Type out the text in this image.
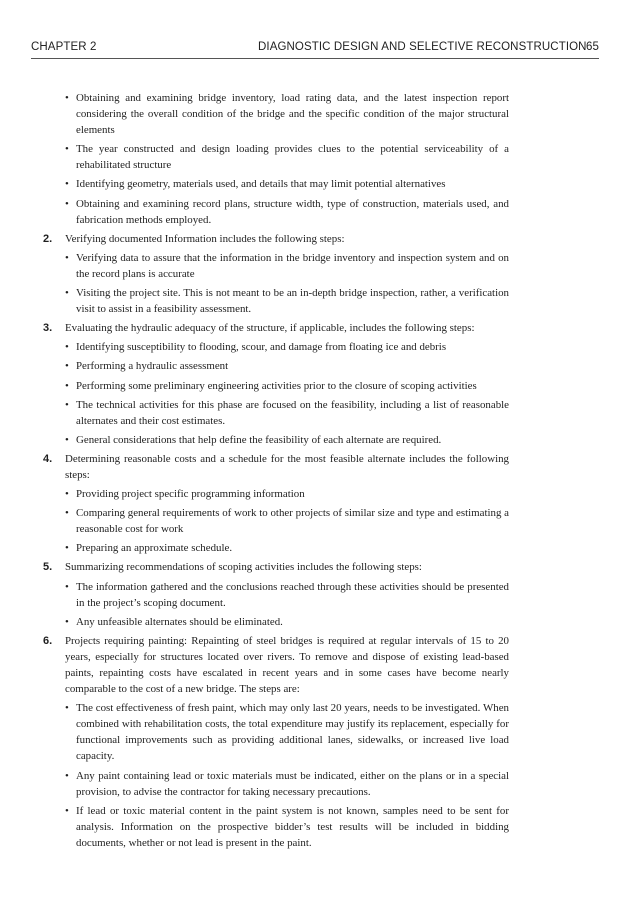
CHAPTER 2	DIAGNOSTIC DESIGN AND SELECTIVE RECONSTRUCTION 65
• Obtaining and examining bridge inventory, load rating data, and the latest inspection report considering the overall condition of the bridge and the specific condition of the major structural elements
• The year constructed and design loading provides clues to the potential serviceability of a rehabilitated structure
• Identifying geometry, materials used, and details that may limit potential alternatives
• Obtaining and examining record plans, structure width, type of construction, materials used, and fabrication methods employed.
2. Verifying documented Information includes the following steps:
• Verifying data to assure that the information in the bridge inventory and inspection system and on the record plans is accurate
• Visiting the project site. This is not meant to be an in-depth bridge inspection, rather, a verification visit to assist in a feasibility assessment.
3. Evaluating the hydraulic adequacy of the structure, if applicable, includes the following steps:
• Identifying susceptibility to flooding, scour, and damage from floating ice and debris
• Performing a hydraulic assessment
• Performing some preliminary engineering activities prior to the closure of scoping activities
• The technical activities for this phase are focused on the feasibility, including a list of reasonable alternates and their cost estimates.
• General considerations that help define the feasibility of each alternate are required.
4. Determining reasonable costs and a schedule for the most feasible alternate includes the following steps:
• Providing project specific programming information
• Comparing general requirements of work to other projects of similar size and type and estimating a reasonable cost for work
• Preparing an approximate schedule.
5. Summarizing recommendations of scoping activities includes the following steps:
• The information gathered and the conclusions reached through these activities should be presented in the project’s scoping document.
• Any unfeasible alternates should be eliminated.
6. Projects requiring painting: Repainting of steel bridges is required at regular intervals of 15 to 20 years, especially for structures located over rivers. To remove and dispose of existing lead-based paints, repainting costs have escalated in recent years and in some cases have become nearly comparable to the cost of a new bridge. The steps are:
• The cost effectiveness of fresh paint, which may only last 20 years, needs to be investigated. When combined with rehabilitation costs, the total expenditure may justify its replacement, especially for functional improvements such as providing additional lanes, sidewalks, or increased live load capacity.
• Any paint containing lead or toxic materials must be indicated, either on the plans or in a special provision, to advise the contractor for taking necessary precautions.
• If lead or toxic material content in the paint system is not known, samples need to be sent for analysis. Information on the prospective bidder’s test results will be included in bidding documents, whether or not lead is present in the paint.
